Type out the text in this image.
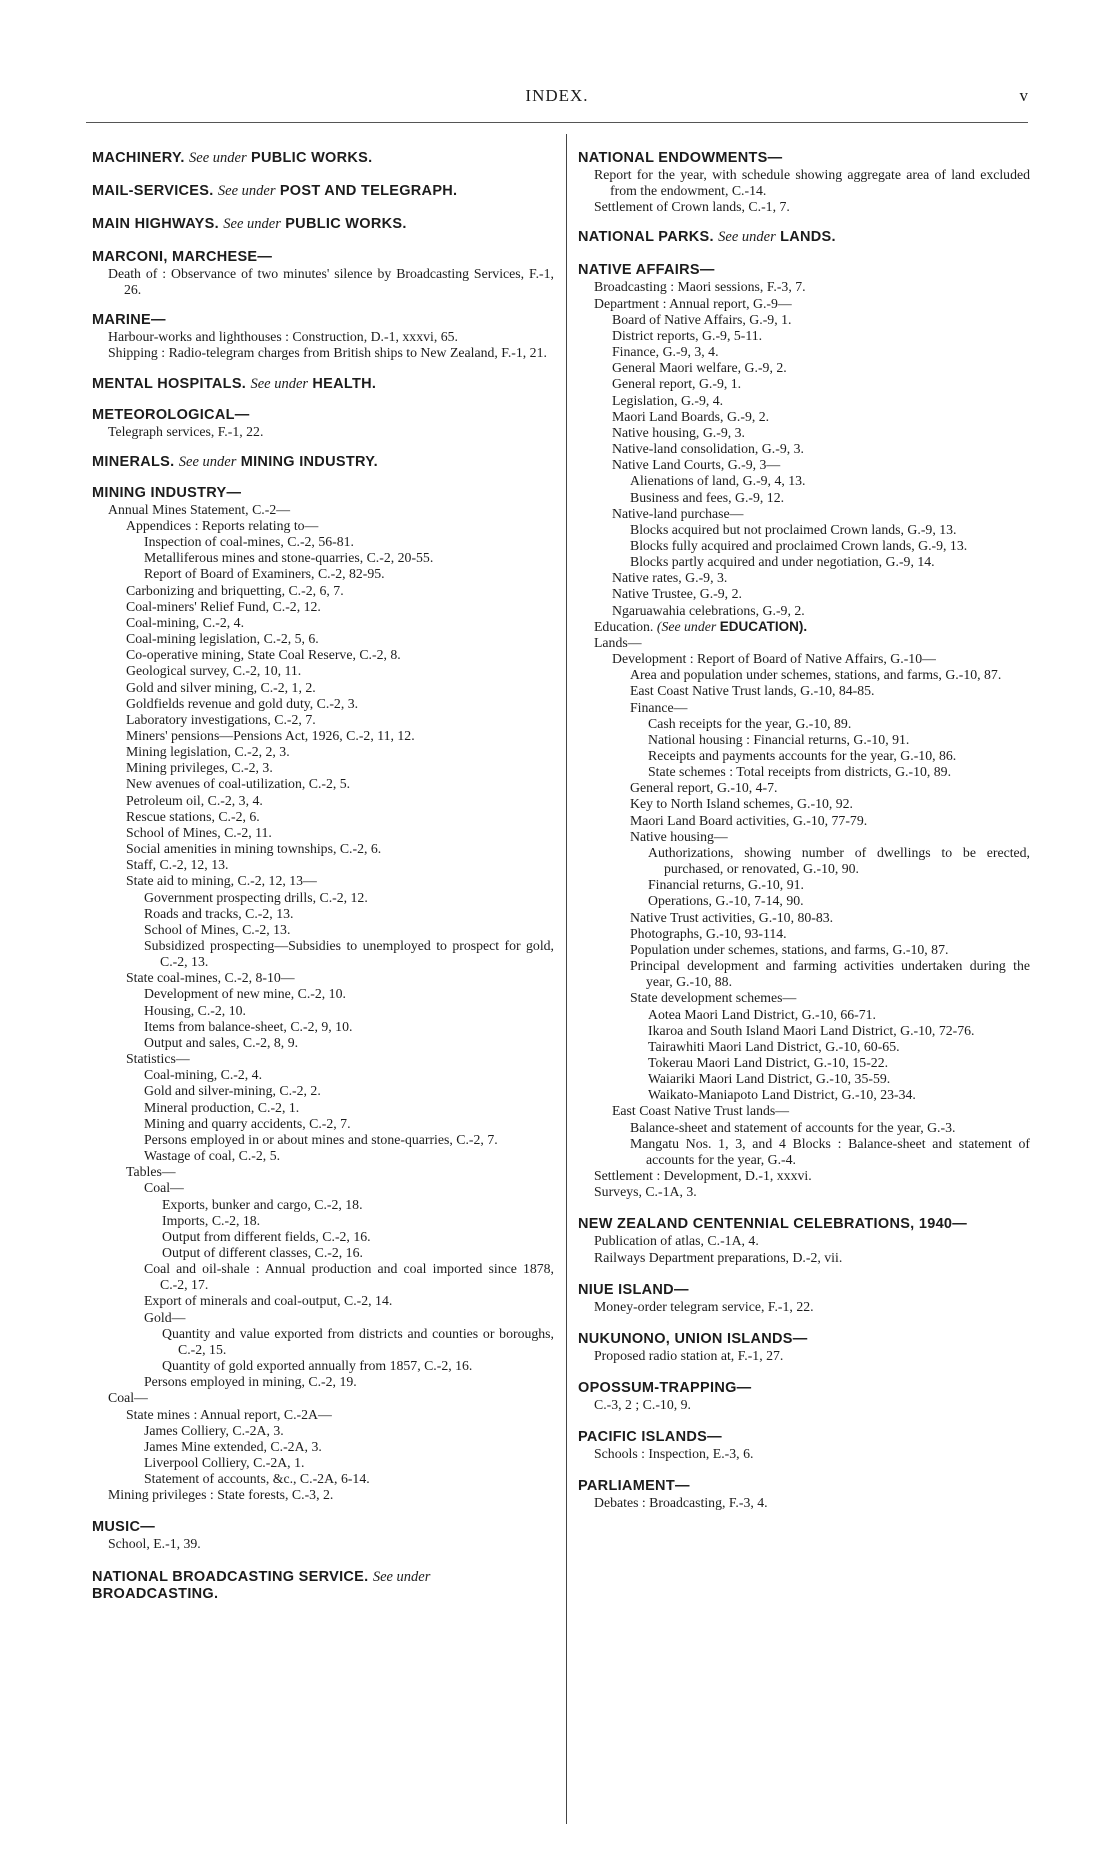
INDEX.	v
MACHINERY. See under PUBLIC WORKS.
MAIL-SERVICES. See under POST AND TELEGRAPH.
MAIN HIGHWAYS. See under PUBLIC WORKS.
MARCONI, MARCHESE—
Death of : Observance of two minutes' silence by Broadcasting Services, F.-1, 26.
MARINE—
Harbour-works and lighthouses : Construction, D.-1, xxxvi, 65.
Shipping : Radio-telegram charges from British ships to New Zealand, F.-1, 21.
MENTAL HOSPITALS. See under HEALTH.
METEOROLOGICAL—
Telegraph services, F.-1, 22.
MINERALS. See under MINING INDUSTRY.
MINING INDUSTRY—
Annual Mines Statement, C.-2—
Appendices : Reports relating to—
Inspection of coal-mines, C.-2, 56-81.
Metalliferous mines and stone-quarries, C.-2, 20-55.
Report of Board of Examiners, C.-2, 82-95.
Carbonizing and briquetting, C.-2, 6, 7.
Coal-miners' Relief Fund, C.-2, 12.
Coal-mining, C.-2, 4.
Coal-mining legislation, C.-2, 5, 6.
Co-operative mining, State Coal Reserve, C.-2, 8.
Geological survey, C.-2, 10, 11.
Gold and silver mining, C.-2, 1, 2.
Goldfields revenue and gold duty, C.-2, 3.
Laboratory investigations, C.-2, 7.
Miners' pensions—Pensions Act, 1926, C.-2, 11, 12.
Mining legislation, C.-2, 2, 3.
Mining privileges, C.-2, 3.
New avenues of coal-utilization, C.-2, 5.
Petroleum oil, C.-2, 3, 4.
Rescue stations, C.-2, 6.
School of Mines, C.-2, 11.
Social amenities in mining townships, C.-2, 6.
Staff, C.-2, 12, 13.
State aid to mining, C.-2, 12, 13—
Government prospecting drills, C.-2, 12.
Roads and tracks, C.-2, 13.
School of Mines, C.-2, 13.
Subsidized prospecting—Subsidies to unemployed to prospect for gold, C.-2, 13.
State coal-mines, C.-2, 8-10—
Development of new mine, C.-2, 10.
Housing, C.-2, 10.
Items from balance-sheet, C.-2, 9, 10.
Output and sales, C.-2, 8, 9.
Statistics—
Coal-mining, C.-2, 4.
Gold and silver-mining, C.-2, 2.
Mineral production, C.-2, 1.
Mining and quarry accidents, C.-2, 7.
Persons employed in or about mines and stone-quarries, C.-2, 7.
Wastage of coal, C.-2, 5.
Tables—
Coal—
Exports, bunker and cargo, C.-2, 18.
Imports, C.-2, 18.
Output from different fields, C.-2, 16.
Output of different classes, C.-2, 16.
Coal and oil-shale : Annual production and coal imported since 1878, C.-2, 17.
Export of minerals and coal-output, C.-2, 14.
Gold—
Quantity and value exported from districts and counties or boroughs, C.-2, 15.
Quantity of gold exported annually from 1857, C.-2, 16.
Persons employed in mining, C.-2, 19.
Coal—
State mines : Annual report, C.-2A—
James Colliery, C.-2A, 3.
James Mine extended, C.-2A, 3.
Liverpool Colliery, C.-2A, 1.
Statement of accounts, &c., C.-2A, 6-14.
Mining privileges : State forests, C.-3, 2.
MUSIC—
School, E.-1, 39.
NATIONAL BROADCASTING SERVICE. See under BROADCASTING.
NATIONAL ENDOWMENTS—
Report for the year, with schedule showing aggregate area of land excluded from the endowment, C.-14.
Settlement of Crown lands, C.-1, 7.
NATIONAL PARKS. See under LANDS.
NATIVE AFFAIRS—
Broadcasting : Maori sessions, F.-3, 7.
Department : Annual report, G.-9—
Board of Native Affairs, G.-9, 1.
District reports, G.-9, 5-11.
Finance, G.-9, 3, 4.
General Maori welfare, G.-9, 2.
General report, G.-9, 1.
Legislation, G.-9, 4.
Maori Land Boards, G.-9, 2.
Native housing, G.-9, 3.
Native-land consolidation, G.-9, 3.
Native Land Courts, G.-9, 3—
Alienations of land, G.-9, 4, 13.
Business and fees, G.-9, 12.
Native-land purchase—
Blocks acquired but not proclaimed Crown lands, G.-9, 13.
Blocks fully acquired and proclaimed Crown lands, G.-9, 13.
Blocks partly acquired and under negotiation, G.-9, 14.
Native rates, G.-9, 3.
Native Trustee, G.-9, 2.
Ngaruawahia celebrations, G.-9, 2.
Education. (See under EDUCATION).
Lands—
Development : Report of Board of Native Affairs, G.-10—
Area and population under schemes, stations, and farms, G.-10, 87.
East Coast Native Trust lands, G.-10, 84-85.
Finance—
Cash receipts for the year, G.-10, 89.
National housing : Financial returns, G.-10, 91.
Receipts and payments accounts for the year, G.-10, 86.
State schemes : Total receipts from districts, G.-10, 89.
General report, G.-10, 4-7.
Key to North Island schemes, G.-10, 92.
Maori Land Board activities, G.-10, 77-79.
Native housing—
Authorizations, showing number of dwellings to be erected, purchased, or renovated, G.-10, 90.
Financial returns, G.-10, 91.
Operations, G.-10, 7-14, 90.
Native Trust activities, G.-10, 80-83.
Photographs, G.-10, 93-114.
Population under schemes, stations, and farms, G.-10, 87.
Principal development and farming activities undertaken during the year, G.-10, 88.
State development schemes—
Aotea Maori Land District, G.-10, 66-71.
Ikaroa and South Island Maori Land District, G.-10, 72-76.
Tairawhiti Maori Land District, G.-10, 60-65.
Tokerau Maori Land District, G.-10, 15-22.
Waiariki Maori Land District, G.-10, 35-59.
Waikato-Maniapoto Land District, G.-10, 23-34.
East Coast Native Trust lands—
Balance-sheet and statement of accounts for the year, G.-3.
Mangatu Nos. 1, 3, and 4 Blocks : Balance-sheet and statement of accounts for the year, G.-4.
Settlement : Development, D.-1, xxxvi.
Surveys, C.-1A, 3.
NEW ZEALAND CENTENNIAL CELEBRATIONS, 1940—
Publication of atlas, C.-1A, 4.
Railways Department preparations, D.-2, vii.
NIUE ISLAND—
Money-order telegram service, F.-1, 22.
NUKUNONO, UNION ISLANDS—
Proposed radio station at, F.-1, 27.
OPOSSUM-TRAPPING—
C.-3, 2 ; C.-10, 9.
PACIFIC ISLANDS—
Schools : Inspection, E.-3, 6.
PARLIAMENT—
Debates : Broadcasting, F.-3, 4.
